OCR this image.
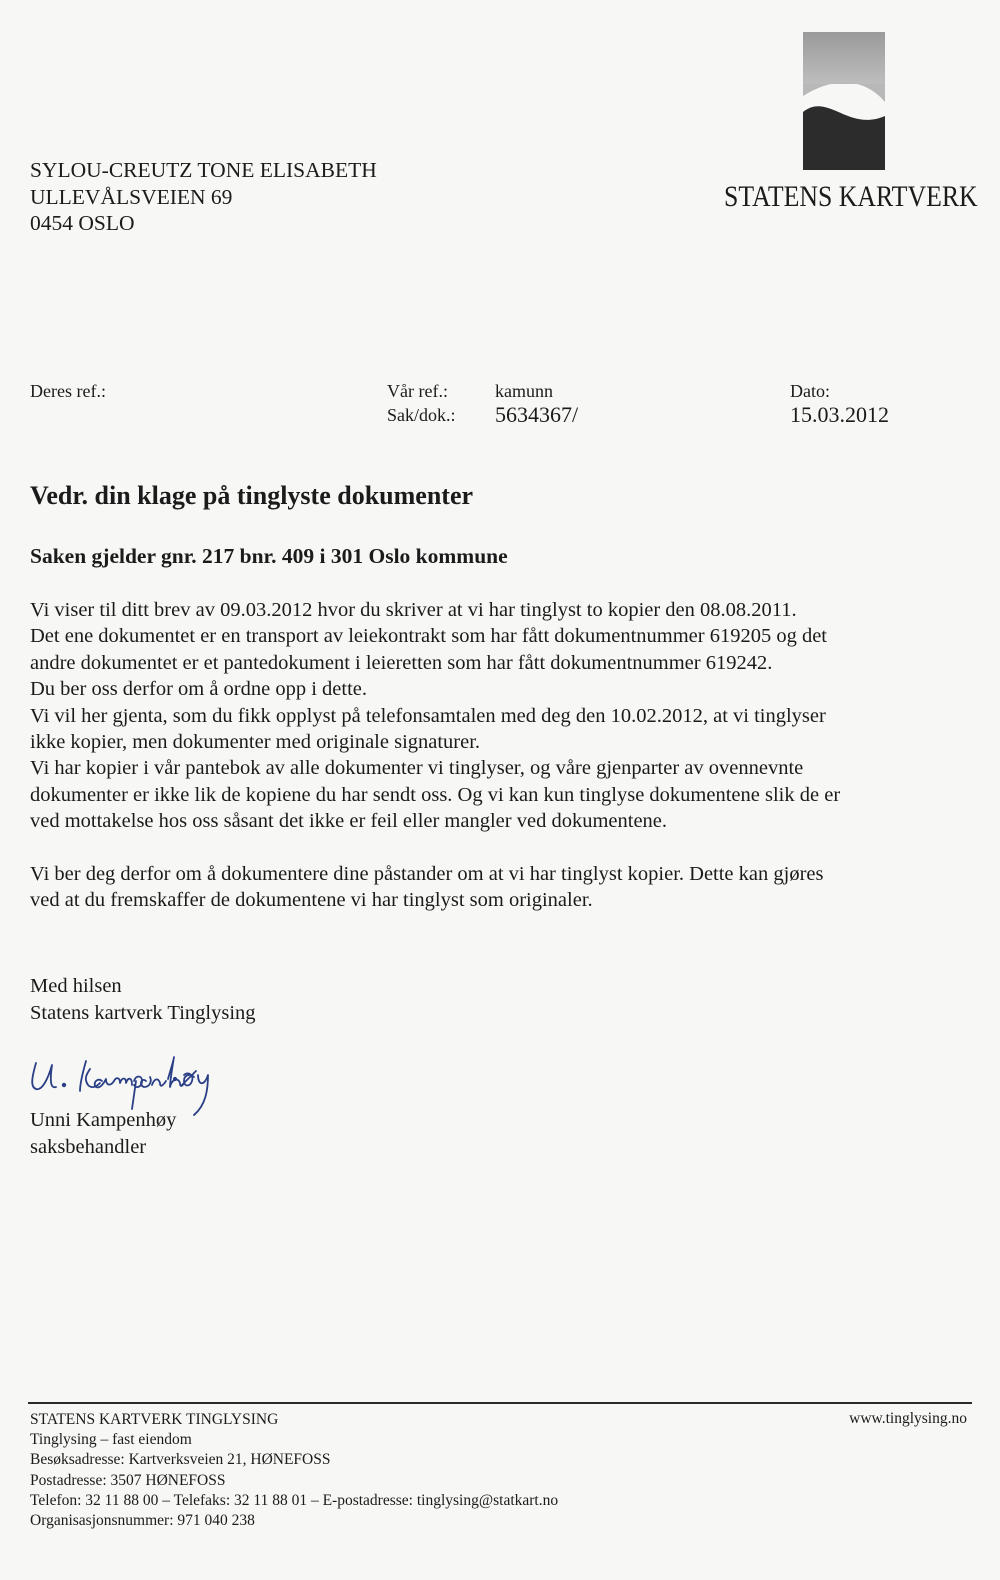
SYLOU-CREUTZ TONE ELISABETH
ULLEVÅLSVEIEN 69
0454 OSLO
STATENS KARTVERK
Deres ref.:	Vår ref.:	kamunn
Sak/dok.: 5634367/
Dato:
15.03.2012
Vedr. din klage på tinglyste dokumenter
Saken gjelder gnr. 217 bnr. 409 i 301 Oslo kommune

Vi viser til ditt brev av 09.03.2012 hvor du skriver at vi har tinglyst to kopier den 08.08.2011.

Det ene dokumentet er en transport av leiekontrakt som har fått dokumentnummer 619205 og det

andre dokumentet er et pantedokument i leieretten som har fått dokumentnummer 619242.

Du ber oss derfor om å ordne opp i dette.

Vi vil her gjenta, som du fikk opplyst på telefonsamtalen med deg den 10.02.2012, at vi tinglyser

ikke kopier, men dokumenter med originale signaturer.

Vi har kopier i vår pantebok av alle dokumenter vi tinglyser, og våre gjenparter av ovennevnte

dokumenter er ikke lik de kopiene du har sendt oss. Og vi kan kun tinglyse dokumentene slik de er

ved mottakelse hos oss såsant det ikke er feil eller mangler ved dokumentene.

Vi ber deg derfor om å dokumentere dine påstander om at vi har tinglyst kopier. Dette kan gjøres

ved at du fremskaffer de dokumentene vi har tinglyst som originaler.

Med hilsen
Statens kartverk Tinglysing
Unni Kampenhøy
saksbehandler
STATENS KARTVERK TINGLYSING
Tinglysing – fast eiendom
Besøksadresse: Kartverksveien 21, HØNEFOSS
Postadresse: 3507 HØNEFOSS
Telefon: 32 11 88 00 – Telefaks: 32 11 88 01 – E-postadresse: tinglysing@statkart.no
Organisasjonsnummer: 971 040 238
www.tinglysing.no
